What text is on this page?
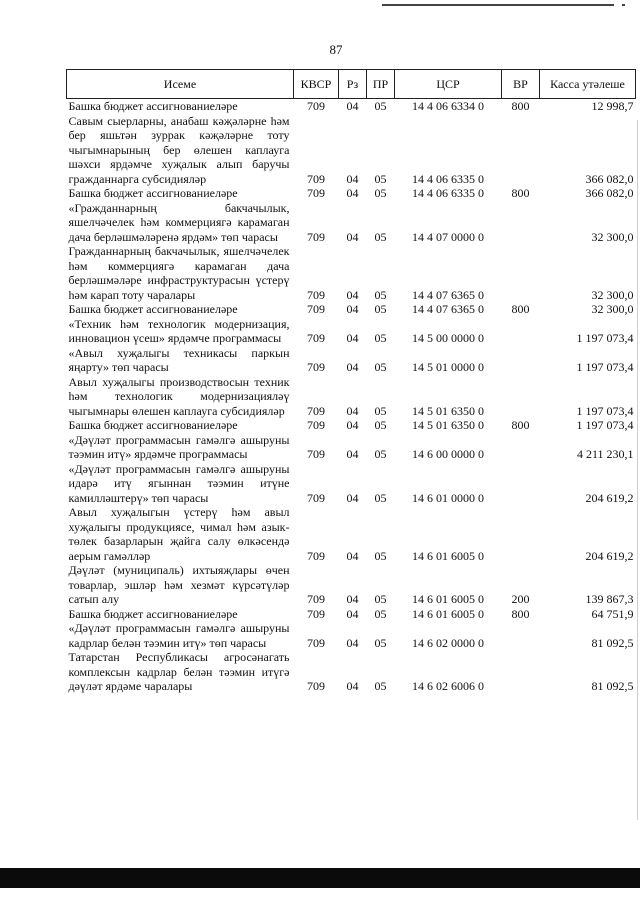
87
Исеме	КВСР	Рз	ПР	ЦСР	ВР	Касса утәлеше
Башка бюджет ассигнованиеләре	709	04	05	14 4 06 6334 0	800	12 998,7
Савым сыерларны, анабаш кәҗәләрне һәм бер яшьтән зуррак кәҗәләрне тоту чыгымнарының бер өлешен каплауга шәхси ярдәмче хуҗалык алып баручы гражданнарга субсидияләр	709	04	05	14 4 06 6335 0		366 082,0
Башка бюджет ассигнованиеләре	709	04	05	14 4 06 6335 0	800	366 082,0
«Гражданнарның бакчачылык, яшелчәчелек һәм коммерциягә карамаган дача берләшмәләренә ярдәм» төп чарасы	709	04	05	14 4 07 0000 0		32 300,0
Гражданнарның бакчачылык, яшелчәчелек һәм коммерциягә карамаган дача берләшмәләре инфраструктурасын үстерү һәм карап тоту чаралары	709	04	05	14 4 07 6365 0		32 300,0
Башка бюджет ассигнованиеләре	709	04	05	14 4 07 6365 0	800	32 300,0
«Техник һәм технологик модернизация, инновацион үсеш» ярдәмче программасы	709	04	05	14 5 00 0000 0		1 197 073,4
«Авыл хуҗалыгы техникасы паркын яңарту» төп чарасы	709	04	05	14 5 01 0000 0		1 197 073,4
Авыл хуҗалыгы производствосын техник һәм технологик модернизацияләү чыгымнары өлешен каплауга субсидияләр	709	04	05	14 5 01 6350 0		1 197 073,4
Башка бюджет ассигнованиеләре	709	04	05	14 5 01 6350 0	800	1 197 073,4
«Дәүләт программасын гамәлгә ашыруны тәэмин итү» ярдәмче программасы	709	04	05	14 6 00 0000 0		4 211 230,1
«Дәүләт программасын гамәлгә ашыруны идарә итү ягыннан тәэмин итүне камилләштерү» төп чарасы	709	04	05	14 6 01 0000 0		204 619,2
Авыл хуҗалыгын үстерү һәм авыл хуҗалыгы продукциясе, чимал һәм азык-төлек базарларын җайга салу өлкәсендә аерым гамәлләр	709	04	05	14 6 01 6005 0		204 619,2
Дәүләт (муниципаль) ихтыяҗлары өчен товарлар, эшләр һәм хезмәт күрсәтүләр сатып алу	709	04	05	14 6 01 6005 0	200	139 867,3
Башка бюджет ассигнованиеләре	709	04	05	14 6 01 6005 0	800	64 751,9
«Дәүләт программасын гамәлгә ашыруны кадрлар белән тәэмин итү» төп чарасы	709	04	05	14 6 02 0000 0		81 092,5
Татарстан Республикасы агросәнагать комплексын кадрлар белән тәэмин итүгә дәүләт ярдәме чаралары	709	04	05	14 6 02 6006 0		81 092,5
